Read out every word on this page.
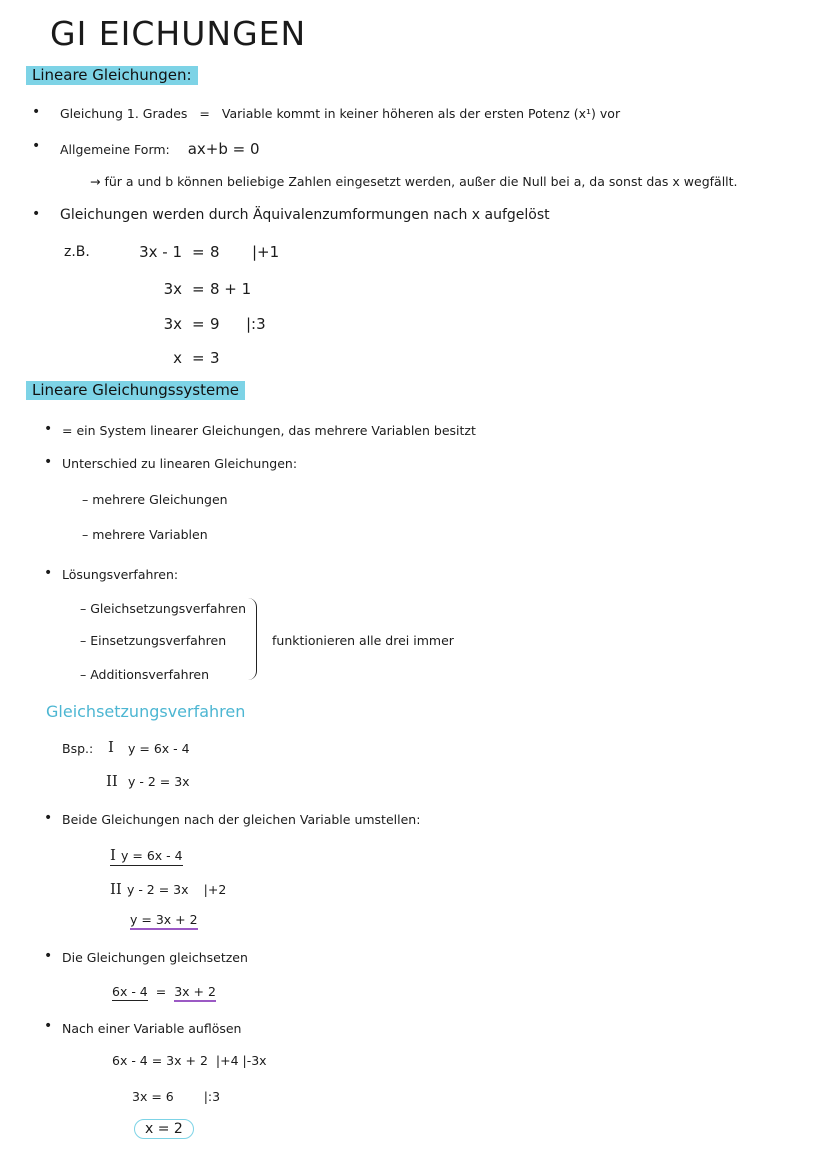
GI EICHUNGEN
Lineare Gleichungen:
• Gleichung 1. Grades = Variable kommt in keiner höheren als der ersten Potenz (x¹) vor
• Allgemeine Form: ax+b = 0
→ für a und b können beliebige Zahlen eingesetzt werden, außer die Null bei a, da sonst das x wegfällt.
• Gleichungen werden durch Äquivalenzumformungen nach x aufgelöst
z.B.	3x - 1 = 8 |+1
3x = 8 + 1
3x = 9 |:3
x = 3
Lineare Gleichungssysteme
• = ein System linearer Gleichungen, das mehrere Variablen besitzt
• Unterschied zu linearen Gleichungen:
– mehrere Gleichungen
– mehrere Variablen
• Lösungsverfahren:
– Gleichsetzungsverfahren
– Einsetzungsverfahren
– Additionsverfahren
funktionieren alle drei immer
Gleichsetzungsverfahren
Bsp.: I y = 6x - 4
II y - 2 = 3x
• Beide Gleichungen nach der gleichen Variable umstellen:
I y = 6x - 4
II y - 2 = 3x |+2
y = 3x + 2
• Die Gleichungen gleichsetzen
6x - 4 = 3x + 2
• Nach einer Variable auflösen
6x - 4 = 3x + 2 |+4 |-3x
3x = 6 |:3
x = 2
